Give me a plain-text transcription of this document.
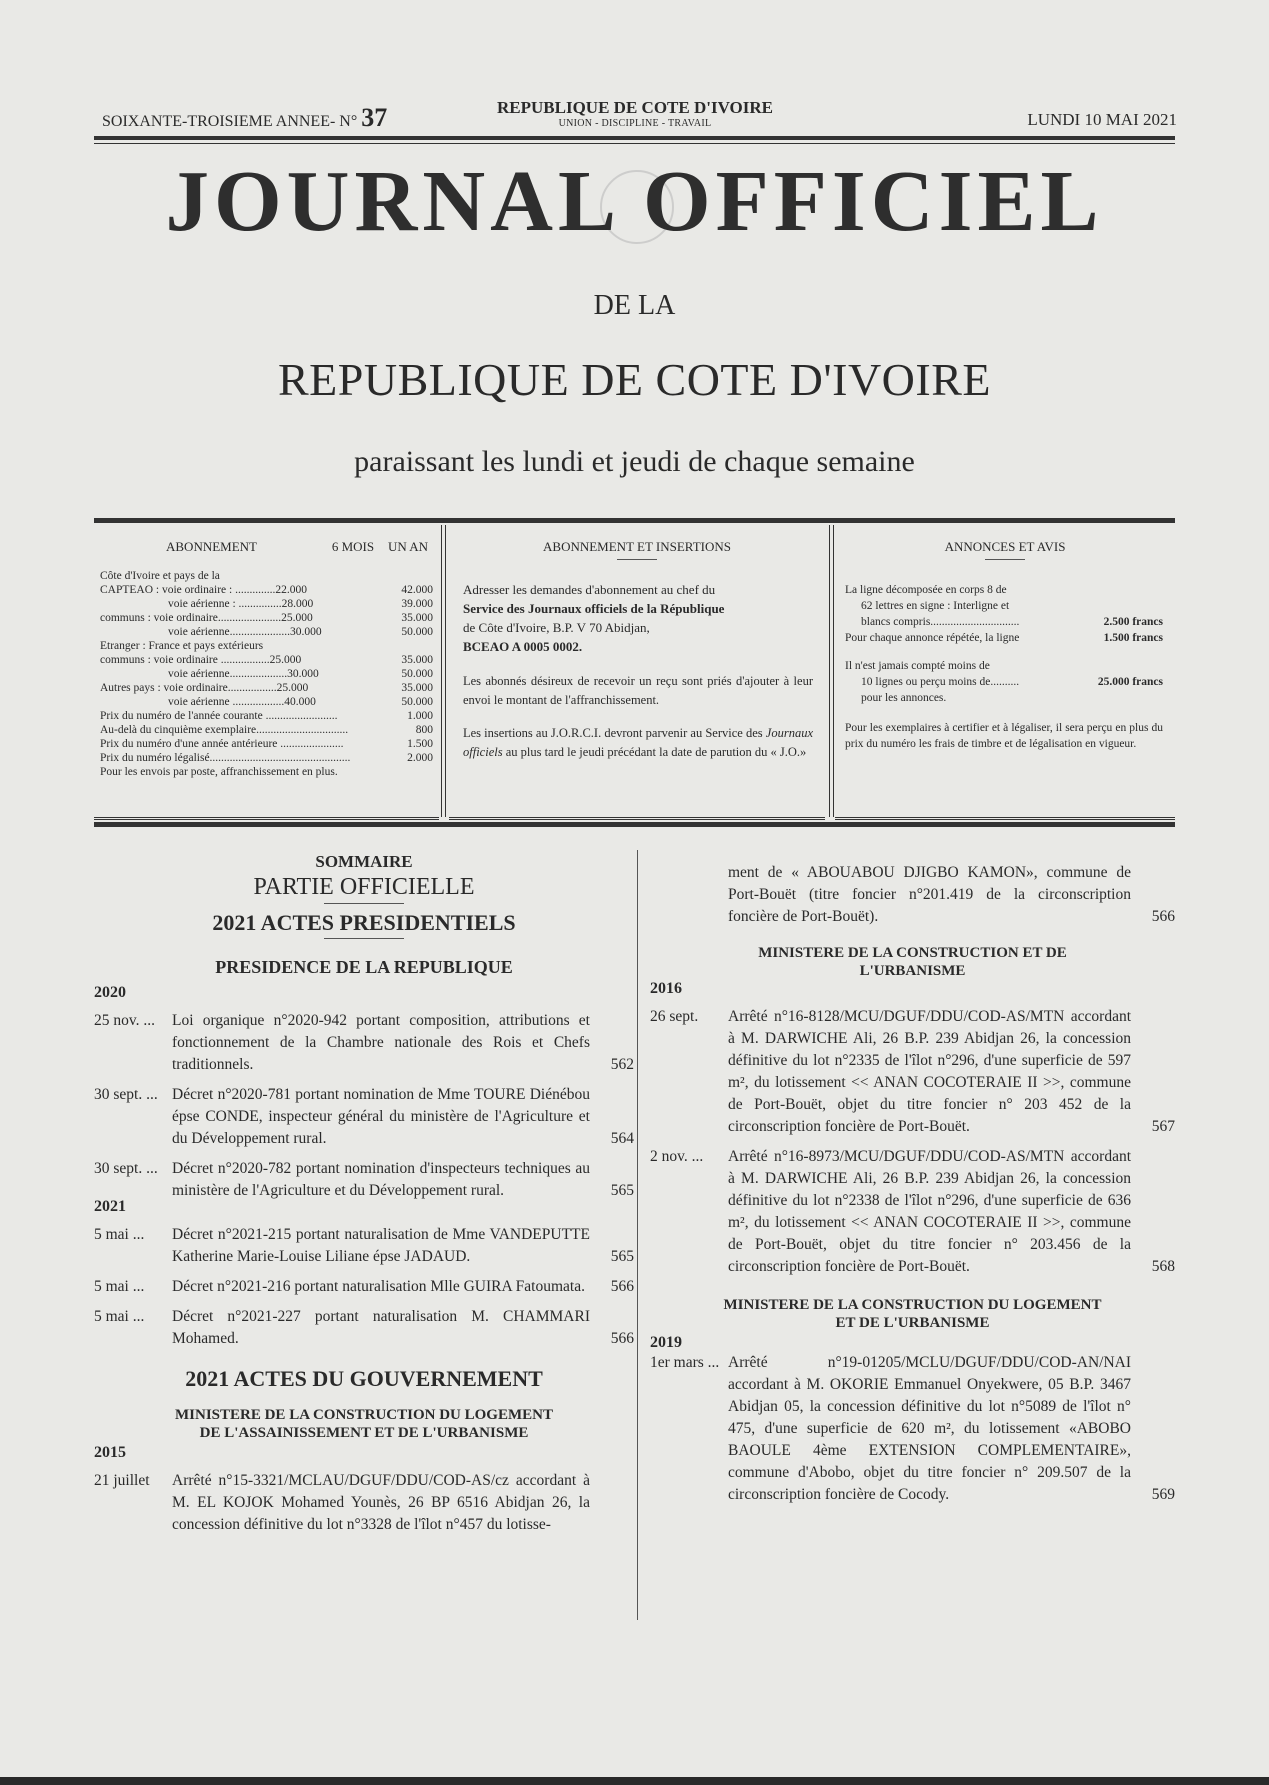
SOIXANTE-TROISIEME ANNEE- N° 37	REPUBLIQUE DE COTE D'IVOIRE
UNION - DISCIPLINE - TRAVAIL	LUNDI 10 MAI 2021
JOURNAL OFFICIEL
DE LA
REPUBLIQUE DE COTE D'IVOIRE
paraissant les lundi et jeudi de chaque semaine
ABONNEMENT	6 MOIS	UN AN
Côte d'Ivoire et pays de la
CAPTEAO : voie ordinaire : ..............22.000	42.000
voie aérienne : ...............28.000	39.000
communs : voie ordinaire......................25.000	35.000
voie aérienne.....................30.000	50.000
Etranger : France et pays extérieurs
communs : voie ordinaire .................25.000	35.000
voie aérienne....................30.000	50.000
Autres pays : voie ordinaire.................25.000	35.000
voie aérienne ..................40.000	50.000
Prix du numéro de l'année courante .........................	1.000
Au-delà du cinquième exemplaire................................	800
Prix du numéro d'une année antérieure ......................	1.500
Prix du numéro légalisé.................................................	2.000
Pour les envois par poste, affranchissement en plus.
ABONNEMENT ET INSERTIONS
Adresser les demandes d'abonnement au chef du
Service des Journaux officiels de la République
de Côte d'Ivoire, B.P. V 70 Abidjan,
BCEAO A 0005 0002.
Les abonnés désireux de recevoir un reçu sont priés d'ajouter à leur envoi le montant de l'affranchissement.
Les insertions au J.O.R.C.I. devront parvenir au Service des Journaux officiels au plus tard le jeudi précédant la date de parution du « J.O.»
ANNONCES ET AVIS
La ligne décomposée en corps 8 de
62 lettres en signe : Interligne et
blancs compris...............................	2.500 francs
Pour chaque annonce répétée, la ligne	1.500 francs
Il n'est jamais compté moins de
10 lignes ou perçu moins de..........	25.000 francs
pour les annonces.
Pour les exemplaires à certifier et à légaliser, il sera perçu en plus du prix du numéro les frais de timbre et de légalisation en vigueur.
SOMMAIRE
PARTIE OFFICIELLE
2021 ACTES PRESIDENTIELS
PRESIDENCE DE LA REPUBLIQUE
2020
25 nov. ...	Loi organique n°2020-942 portant composition, attributions et fonctionnement de la Chambre nationale des Rois et Chefs traditionnels.	562
30 sept. ... Décret n°2020-781 portant nomination de Mme TOURE Diénébou épse CONDE, inspecteur général du ministère de l'Agriculture et du Développement rural.	564
30 sept. ... Décret n°2020-782 portant nomination d'inspecteurs techniques au ministère de l'Agriculture et du Développement rural.	565
2021
5 mai ...	Décret n°2021-215 portant naturalisation de Mme VANDEPUTTE Katherine Marie-Louise Liliane épse JADAUD.	565
5 mai ...	Décret n°2021-216 portant naturalisation Mlle GUIRA Fatoumata.	566
5 mai ...	Décret n°2021-227 portant naturalisation M. CHAMMARI Mohamed.	566
2021 ACTES DU GOUVERNEMENT
MINISTERE DE LA CONSTRUCTION DU LOGEMENT DE L'ASSAINISSEMENT ET DE L'URBANISME
2015
21 juillet	Arrêté n°15-3321/MCLAU/DGUF/DDU/COD-AS/cz accordant à M. EL KOJOK Mohamed Younès, 26 BP 6516 Abidjan 26, la concession définitive du lot n°3328 de l'îlot n°457 du lotisse-
ment de « ABOUABOU DJIGBO KAMON», commune de Port-Bouët (titre foncier n°201.419 de la circonscription foncière de Port-Bouët).	566
MINISTERE DE LA CONSTRUCTION ET DE L'URBANISME
2016
26 sept.	Arrêté n°16-8128/MCU/DGUF/DDU/COD-AS/MTN accordant à M. DARWICHE Ali, 26 B.P. 239 Abidjan 26, la concession définitive du lot n°2335 de l'îlot n°296, d'une superficie de 597 m², du lotissement << ANAN COCOTERAIE II >>, commune de Port-Bouët, objet du titre foncier n° 203 452 de la circonscription foncière de Port-Bouët.	567
2 nov. ...	Arrêté n°16-8973/MCU/DGUF/DDU/COD-AS/MTN accordant à M. DARWICHE Ali, 26 B.P. 239 Abidjan 26, la concession définitive du lot n°2338 de l'îlot n°296, d'une superficie de 636 m², du lotissement << ANAN COCOTERAIE II >>, commune de Port-Bouët, objet du titre foncier n° 203.456 de la circonscription foncière de Port-Bouët.	568
MINISTERE DE LA CONSTRUCTION DU LOGEMENT ET DE L'URBANISME
2019
1er mars ... Arrêté n°19-01205/MCLU/DGUF/DDU/COD-AN/NAI accordant à M. OKORIE Emmanuel Onyekwere, 05 B.P. 3467 Abidjan 05, la concession définitive du lot n°5089 de l'îlot n° 475, d'une superficie de 620 m², du lotissement «ABOBO BAOULE 4ème EXTENSION COMPLEMENTAIRE», commune d'Abobo, objet du titre foncier n° 209.507 de la circonscription foncière de Cocody.	569
